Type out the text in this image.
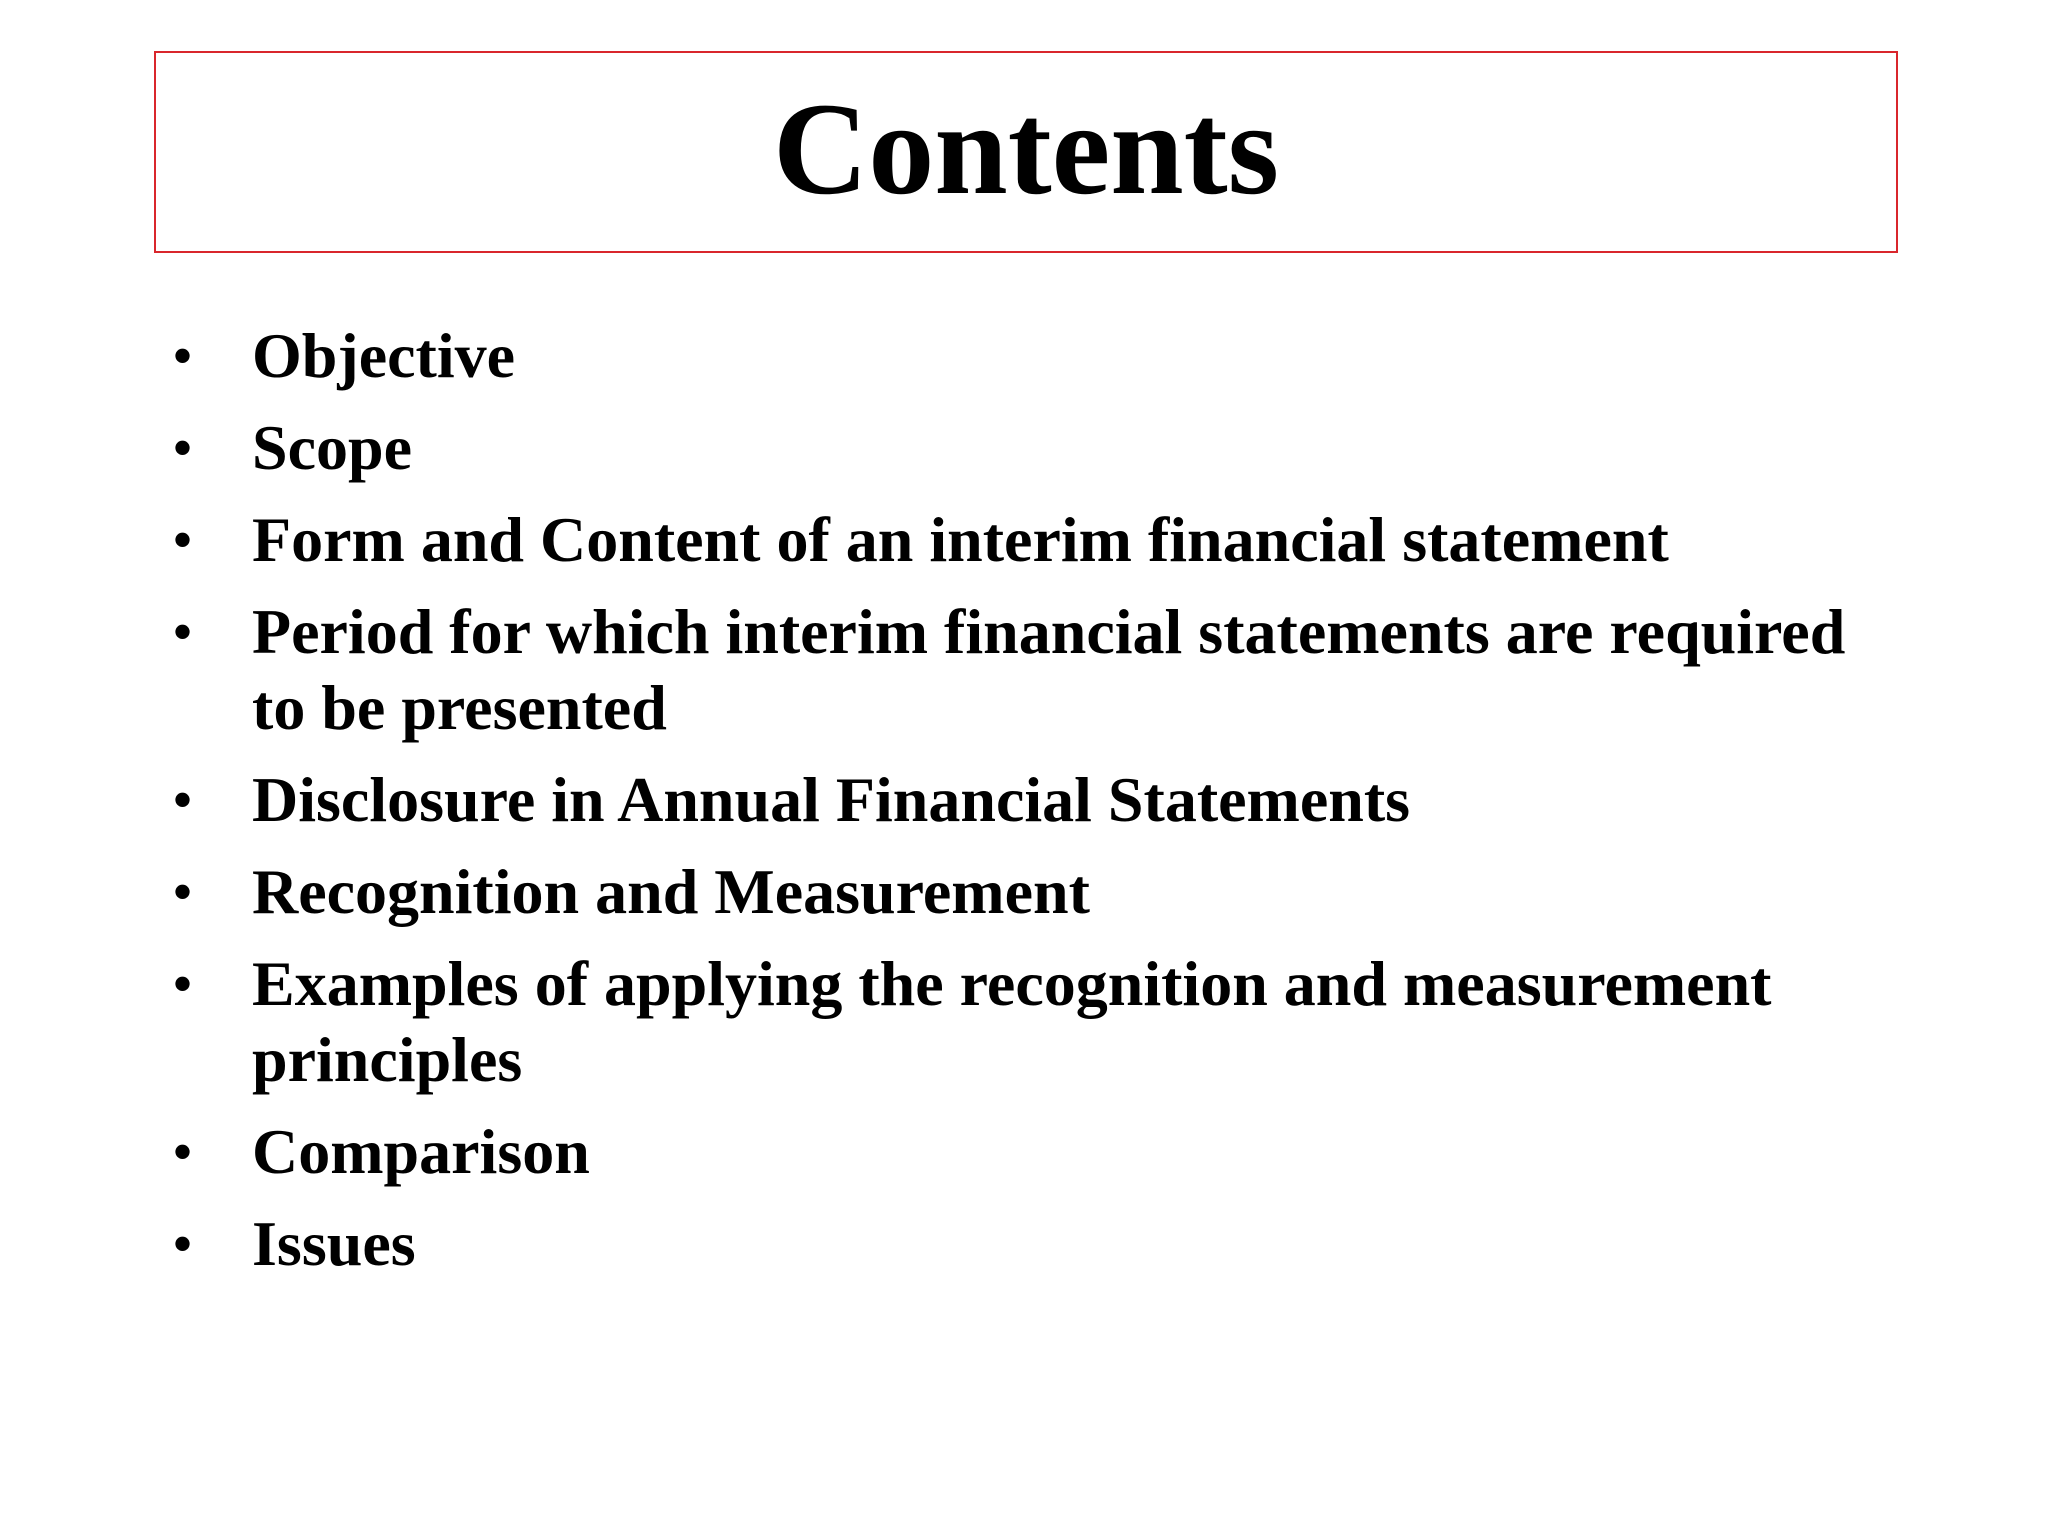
Contents
• Objective
• Scope
• Form and Content of an interim financial statement
• Period for which interim financial statements are required to be presented
• Disclosure in Annual Financial Statements
• Recognition and Measurement
• Examples of applying the recognition and measurement principles
• Comparison
• Issues
